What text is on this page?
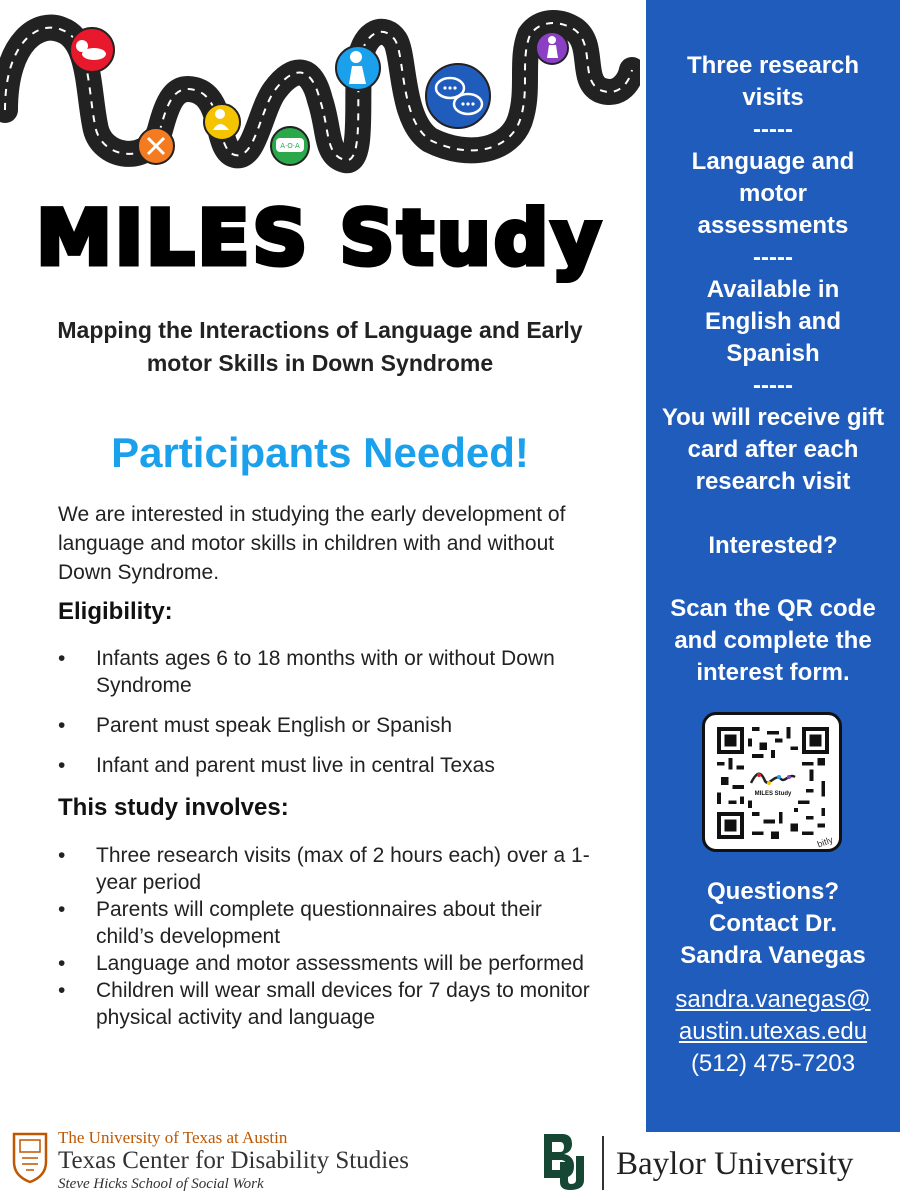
A·O·A
MILES Study
Mapping the Interactions of Language and Early motor Skills in Down Syndrome
Participants Needed!
We are interested in studying the early development of language and motor skills in children with and without Down Syndrome.
Eligibility:
• Infants ages 6 to 18 months with or without Down Syndrome
• Parent must speak English or Spanish
• Infant and parent must live in central Texas
This study involves:
• Three research visits (max of 2 hours each) over a 1-year period
• Parents will complete questionnaires about their child’s development
• Language and motor assessments will be performed
• Children will wear small devices for 7 days to monitor physical activity and language
Three research visits
-----
Language and motor assessments
-----
Available in English and Spanish
-----
You will receive gift card after each research visit
Interested?
Scan the QR code and complete the interest form.
MILES Study
bitly
Questions? Contact Dr. Sandra Vanegas
sandra.vanegas@
austin.utexas.edu
(512) 475-7203
The University of Texas at Austin
Texas Center for Disability Studies
Steve Hicks School of Social Work
Baylor University
